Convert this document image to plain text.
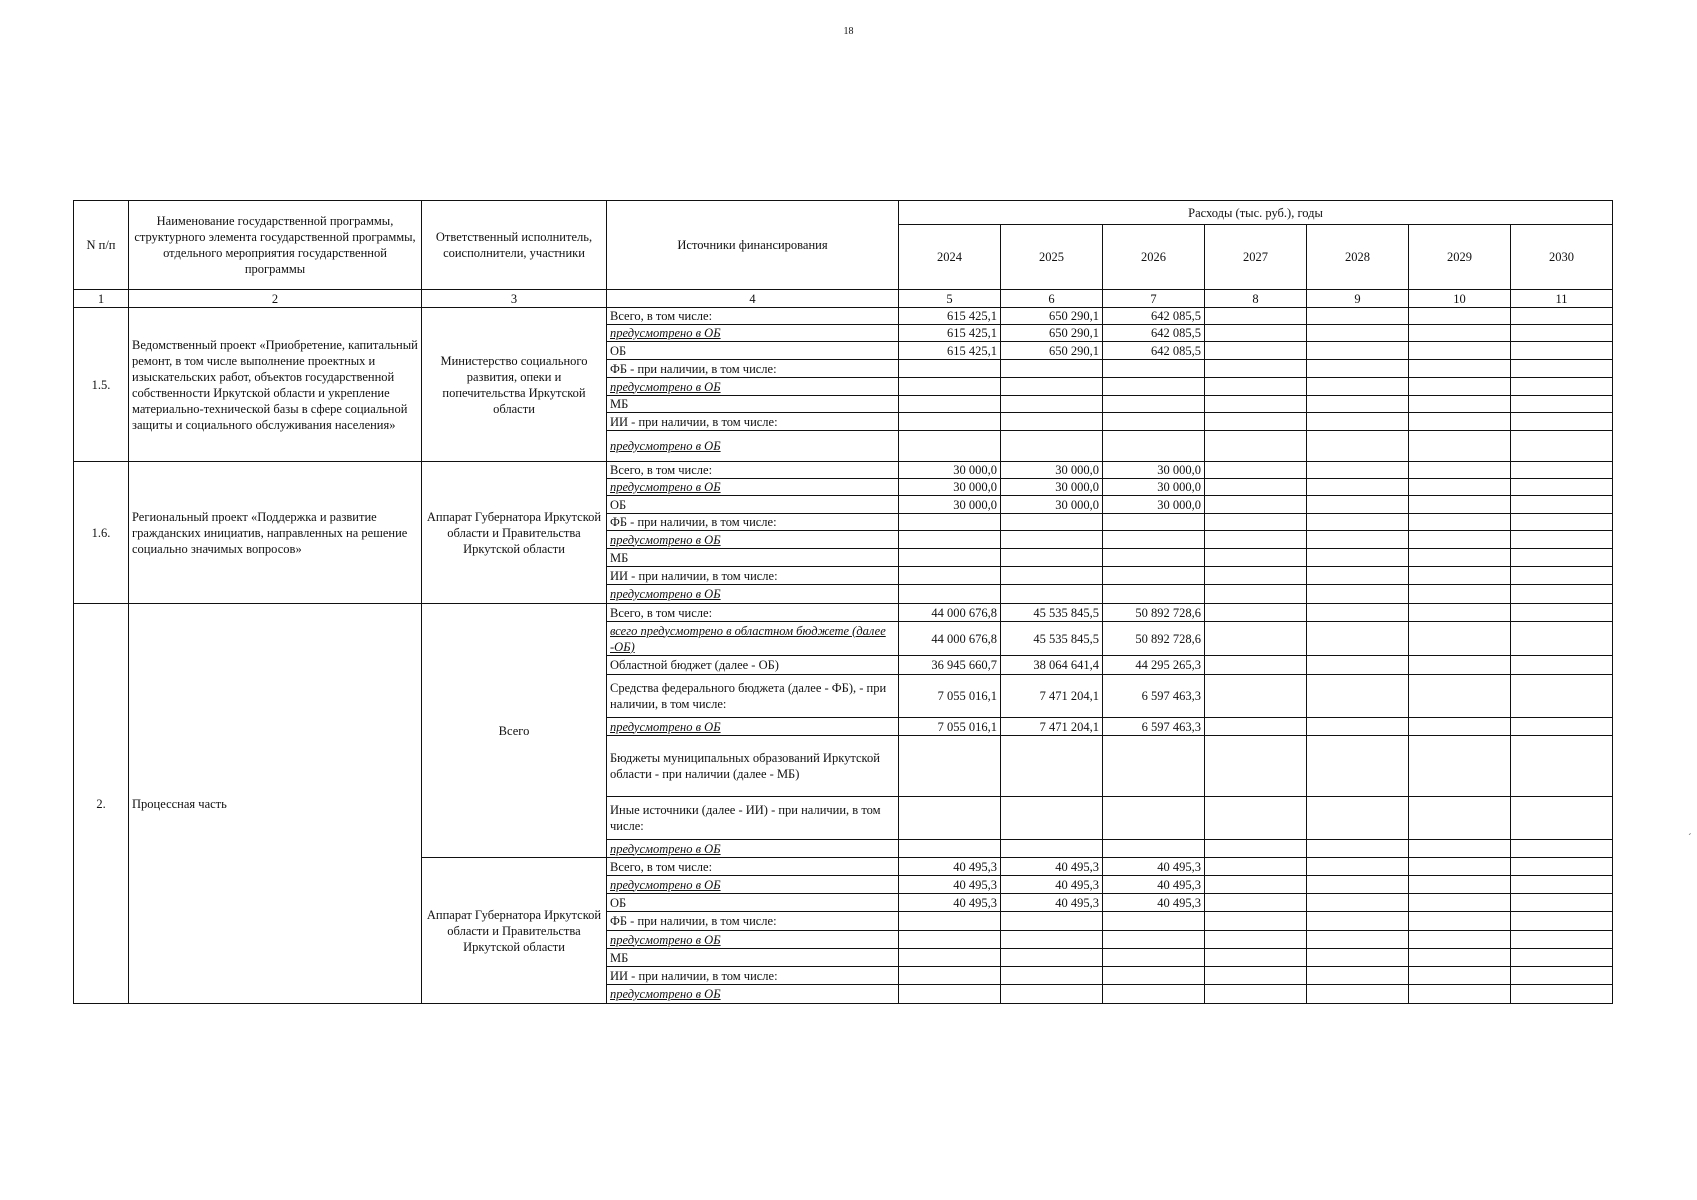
18
N п/п	Наименование государственной программы, структурного элемента государственной программы, отдельного мероприятия государственной программы	Ответственный исполнитель, соисполнители, участники	Источники финансирования	Расходы (тыс. руб.), годы						
				2024	2025	2026	2027	2028	2029	2030
1	2	3	4	5	6	7	8	9	10	11
1.5.	Ведомственный проект «Приобретение, капитальный ремонт, в том числе выполнение проектных и изыскательских работ, объектов государственной собственности Иркутской области и укрепление материально-технической базы в сфере социальной защиты и социального обслуживания населения»	Министерство социального развития, опеки и попечительства Иркутской области	Всего, в том числе:	615 425,1	650 290,1	642 085,5				
			предусмотрено в ОБ	615 425,1	650 290,1	642 085,5				
			ОБ	615 425,1	650 290,1	642 085,5				
			ФБ - при наличии, в том числе:							
			предусмотрено в ОБ							
			МБ							
			ИИ - при наличии, в том числе:							
			предусмотрено в ОБ							
1.6.	Региональный проект «Поддержка и развитие гражданских инициатив, направленных на решение социально значимых вопросов»	Аппарат Губернатора Иркутской области и Правительства Иркутской области	Всего, в том числе:	30 000,0	30 000,0	30 000,0				
			предусмотрено в ОБ	30 000,0	30 000,0	30 000,0				
			ОБ	30 000,0	30 000,0	30 000,0				
			ФБ - при наличии, в том числе:							
			предусмотрено в ОБ							
			МБ							
			ИИ - при наличии, в том числе:							
			предусмотрено в ОБ							
2.	Процессная часть	Всего	Всего, в том числе:	44 000 676,8	45 535 845,5	50 892 728,6				
			всего предусмотрено в областном бюджете (далее -ОБ)	44 000 676,8	45 535 845,5	50 892 728,6				
			Областной бюджет (далее - ОБ)	36 945 660,7	38 064 641,4	44 295 265,3				
			Средства федерального бюджета (далее - ФБ), - при наличии, в том числе:	7 055 016,1	7 471 204,1	6 597 463,3				
			предусмотрено в ОБ	7 055 016,1	7 471 204,1	6 597 463,3				
			Бюджеты муниципальных образований Иркутской области - при наличии (далее - МБ)							
			Иные источники (далее - ИИ) - при наличии, в том числе:							
			предусмотрено в ОБ							
		Аппарат Губернатора Иркутской области и Правительства Иркутской области	Всего, в том числе:	40 495,3	40 495,3	40 495,3				
			предусмотрено в ОБ	40 495,3	40 495,3	40 495,3				
			ОБ	40 495,3	40 495,3	40 495,3				
			ФБ - при наличии, в том числе:							
			предусмотрено в ОБ							
			МБ							
			ИИ - при наличии, в том числе:							
			предусмотрено в ОБ							
´
